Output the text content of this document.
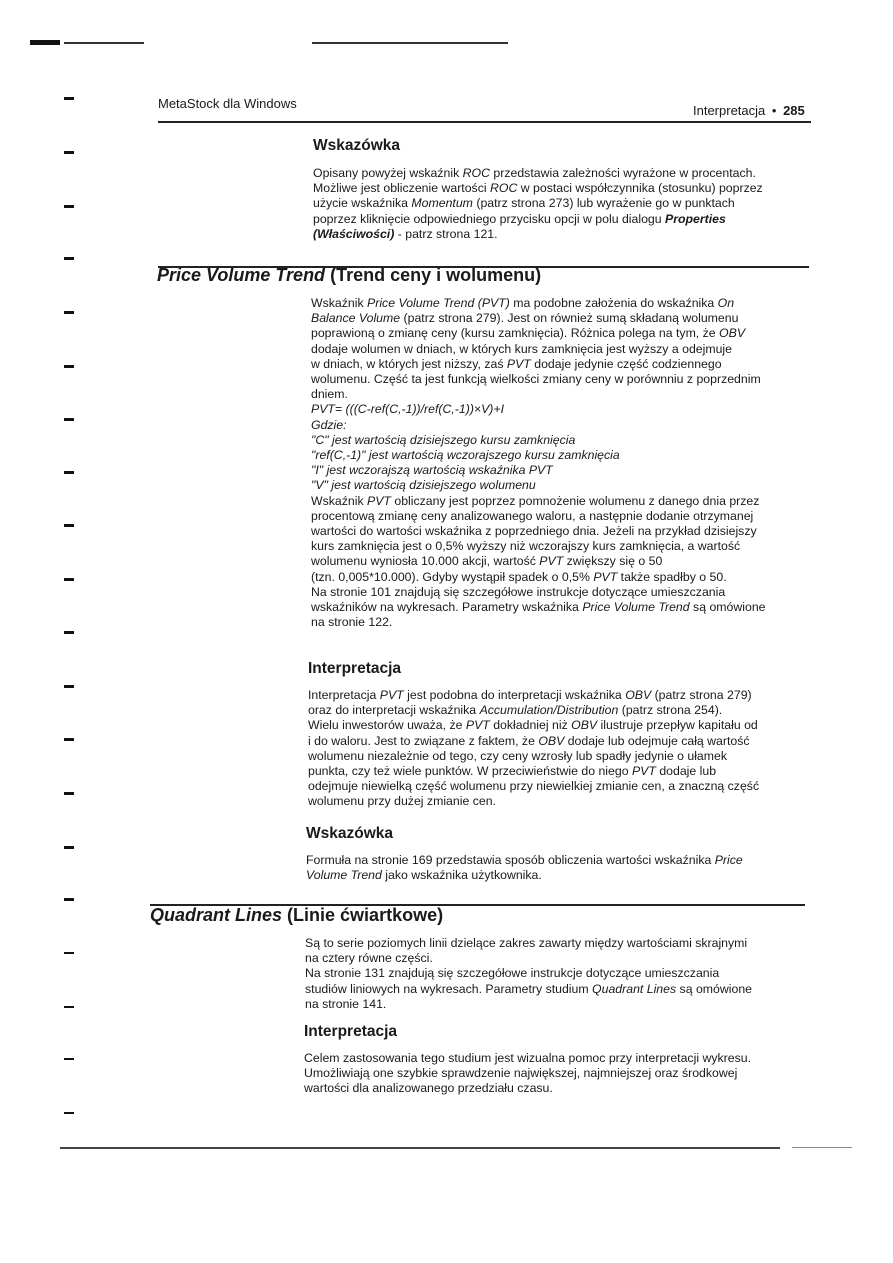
MetaStock dla Windows	Interpretacja • 285
Wskazówka

Opisany powyżej wskaźnik ROC przedstawia zależności wyrażone w procentach.

Możliwe jest obliczenie wartości ROC w postaci współczynnika (stosunku) poprzez

użycie wskaźnika Momentum (patrz strona 273) lub wyrażenie go w punktach

poprzez kliknięcie odpowiedniego przycisku opcji w polu dialogu Properties

(Właściwości) - patrz strona 121.

Price Volume Trend (Trend ceny i wolumenu)

Wskaźnik Price Volume Trend (PVT) ma podobne założenia do wskaźnika On

Balance Volume (patrz strona 279). Jest on również sumą składaną wolumenu

poprawioną o zmianę ceny (kursu zamknięcia). Różnica polega na tym, że OBV

dodaje wolumen w dniach, w których kurs zamknięcia jest wyższy a odejmuje

w dniach, w których jest niższy, zaś PVT dodaje jedynie część codziennego

wolumenu. Część ta jest funkcją wielkości zmiany ceny w porównniu z poprzednim

dniem.

PVT= (((C-ref(C,-1))/ref(C,-1))×V)+I

Gdzie:

"C" jest wartością dzisiejszego kursu zamknięcia

"ref(C,-1)" jest wartością wczorajszego kursu zamknięcia

"I" jest wczorajszą wartością wskaźnika PVT

"V" jest wartością dzisiejszego wolumenu

Wskaźnik PVT obliczany jest poprzez pomnożenie wolumenu z danego dnia przez

procentową zmianę ceny analizowanego waloru, a następnie dodanie otrzymanej

wartości do wartości wskaźnika z poprzedniego dnia. Jeżeli na przykład dzisiejszy

kurs zamknięcia jest o 0,5% wyższy niż wczorajszy kurs zamknięcia, a wartość

wolumenu wyniosła 10.000 akcji, wartość PVT zwiększy się o 50

(tzn. 0,005*10.000). Gdyby wystąpił spadek o 0,5% PVT także spadłby o 50.

Na stronie 101 znajdują się szczegółowe instrukcje dotyczące umieszczania

wskaźników na wykresach. Parametry wskaźnika Price Volume Trend są omówione

na stronie 122.

Interpretacja

Interpretacja PVT jest podobna do interpretacji wskaźnika OBV (patrz strona 279)

oraz do interpretacji wskaźnika Accumulation/Distribution (patrz strona 254).

Wielu inwestorów uważa, że PVT dokładniej niż OBV ilustruje przepływ kapitału od

i do waloru. Jest to związane z faktem, że OBV dodaje lub odejmuje całą wartość

wolumenu niezależnie od tego, czy ceny wzrosły lub spadły jedynie o ułamek

punkta, czy też wiele punktów. W przeciwieństwie do niego PVT dodaje lub

odejmuje niewielką część wolumenu przy niewielkiej zmianie cen, a znaczną część

wolumenu przy dużej zmianie cen.

Wskazówka

Formuła na stronie 169 przedstawia sposób obliczenia wartości wskaźnika Price

Volume Trend jako wskaźnika użytkownika.

Quadrant Lines (Linie ćwiartkowe)

Są to serie poziomych linii dzielące zakres zawarty między wartościami skrajnymi

na cztery równe części.

Na stronie 131 znajdują się szczegółowe instrukcje dotyczące umieszczania

studiów liniowych na wykresach. Parametry studium Quadrant Lines są omówione

na stronie 141.

Interpretacja

Celem zastosowania tego studium jest wizualna pomoc przy interpretacji wykresu.

Umożliwiają one szybkie sprawdzenie największej, najmniejszej oraz środkowej

wartości dla analizowanego przedziału czasu.
